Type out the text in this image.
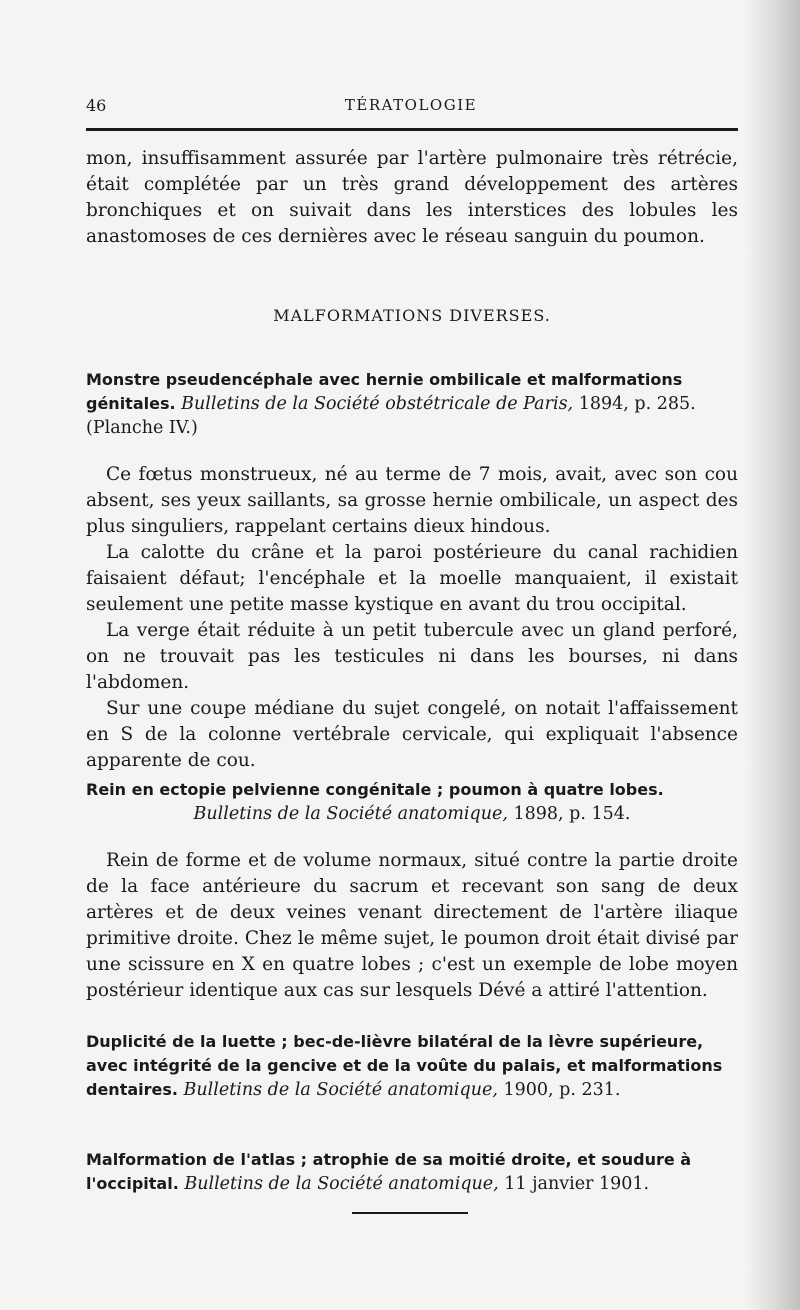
46	TÉRATOLOGIE

mon, insuffisamment assurée par l'artère pulmonaire très rétrécie, était complétée par un très grand développement des artères bronchiques et on suivait dans les interstices des lobules les anastomoses de ces dernières avec le réseau sanguin du poumon.

MALFORMATIONS DIVERSES.
Monstre pseudencéphale avec hernie ombilicale et malformations génitales. Bulletins de la Société obstétricale de Paris, 1894, p. 285. (Planche IV.)

Ce fœtus monstrueux, né au terme de 7 mois, avait, avec son cou absent, ses yeux saillants, sa grosse hernie ombilicale, un aspect des plus singuliers, rappelant certains dieux hindous.

La calotte du crâne et la paroi postérieure du canal rachidien faisaient défaut; l'encéphale et la moelle manquaient, il existait seulement une petite masse kystique en avant du trou occipital.

La verge était réduite à un petit tubercule avec un gland perforé, on ne trouvait pas les testicules ni dans les bourses, ni dans l'abdomen.

Sur une coupe médiane du sujet congelé, on notait l'affaissement en S de la colonne vertébrale cervicale, qui expliquait l'absence apparente de cou.

Rein en ectopie pelvienne congénitale ; poumon à quatre lobes.
Bulletins de la Société anatomique, 1898, p. 154.

Rein de forme et de volume normaux, situé contre la partie droite de la face antérieure du sacrum et recevant son sang de deux artères et de deux veines venant directement de l'artère iliaque primitive droite. Chez le même sujet, le poumon droit était divisé par une scissure en X en quatre lobes ; c'est un exemple de lobe moyen postérieur identique aux cas sur lesquels Dévé a attiré l'attention.

Duplicité de la luette ; bec-de-lièvre bilatéral de la lèvre supérieure, avec intégrité de la gencive et de la voûte du palais, et malformations dentaires. Bulletins de la Société anatomique, 1900, p. 231.
Malformation de l'atlas ; atrophie de sa moitié droite, et soudure à l'occipital. Bulletins de la Société anatomique, 11 janvier 1901.
